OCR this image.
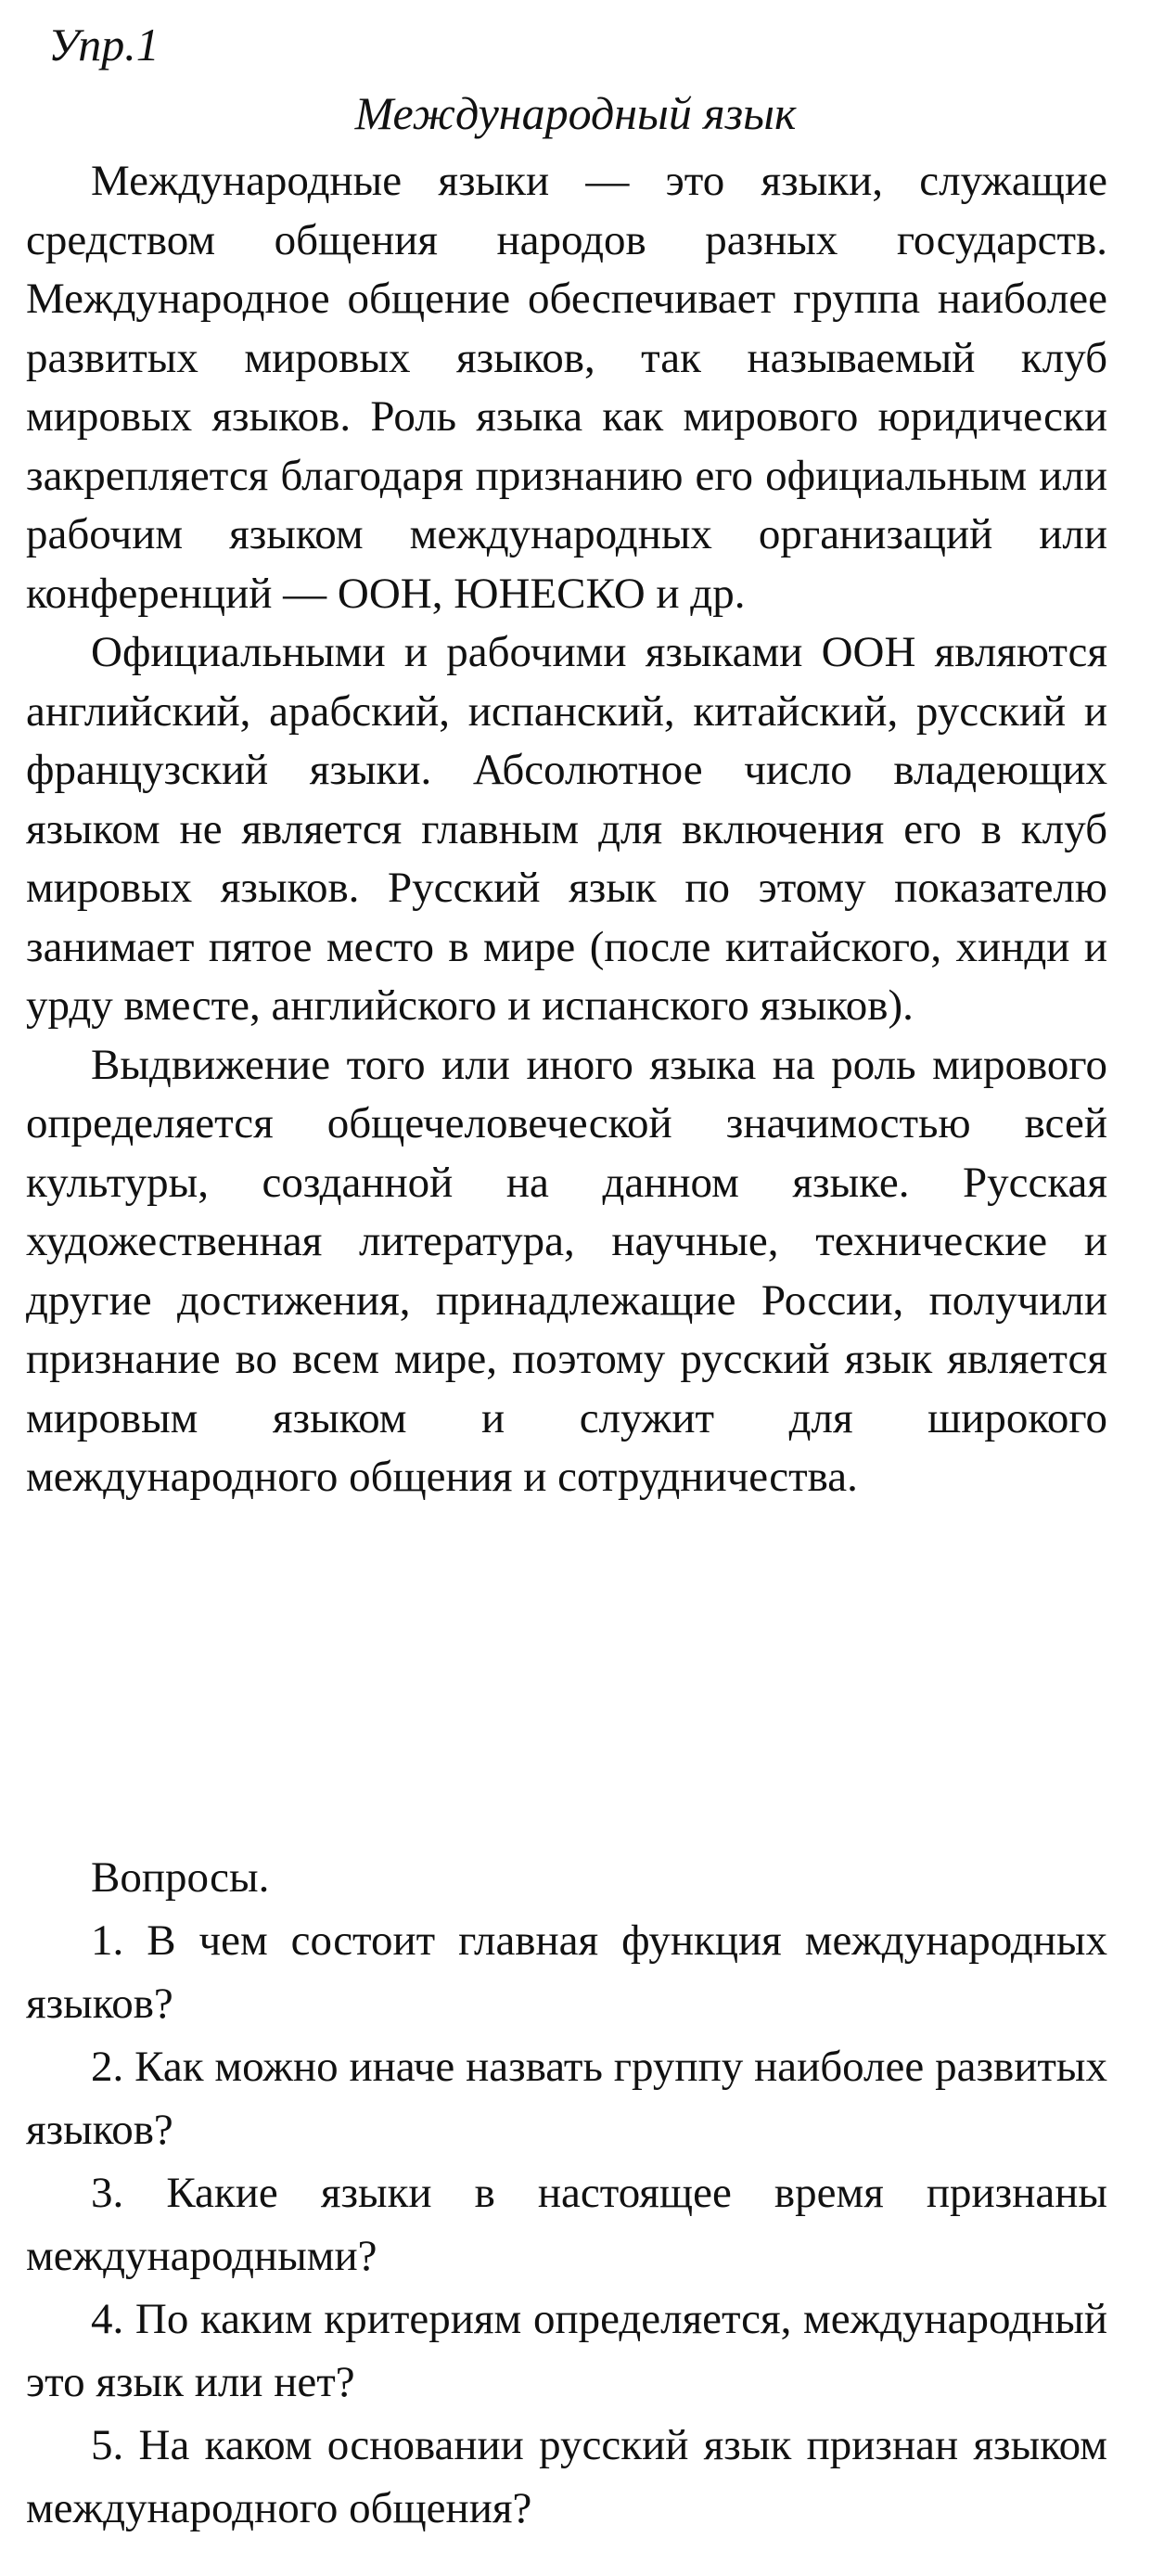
Упр.1

Международный язык

Международные языки — это языки, служащие средством общения народов разных государств. Международное общение обеспечивает группа наиболее развитых мировых языков, так называемый клуб мировых языков. Роль языка как мирового юридически закрепляется благодаря признанию его официальным или рабочим языком международных организаций или конференций — ООН, ЮНЕСКО и др.

Официальными и рабочими языками ООН являются английский, арабский, испанский, китайский, русский и французский языки. Абсолютное число владеющих языком не является главным для включения его в клуб мировых языков. Русский язык по этому показателю занимает пятое место в мире (после китайского, хинди и урду вместе, английского и испанского языков).

Выдвижение того или иного языка на роль мирового определяется общечеловеческой значимостью всей культуры, созданной на данном языке. Русская художественная литература, научные, технические и другие достижения, принадлежащие России, получили признание во всем мире, поэтому русский язык является мировым языком и служит для широкого международного общения и сотрудничества.

Вопросы.

1. В чем состоит главная функция международных языков?

2. Как можно иначе назвать группу наиболее развитых языков?

3. Какие языки в настоящее время признаны международными?

4. По каким критериям определяется, международный это язык или нет?

5. На каком основании русский язык признан языком международного общения?
